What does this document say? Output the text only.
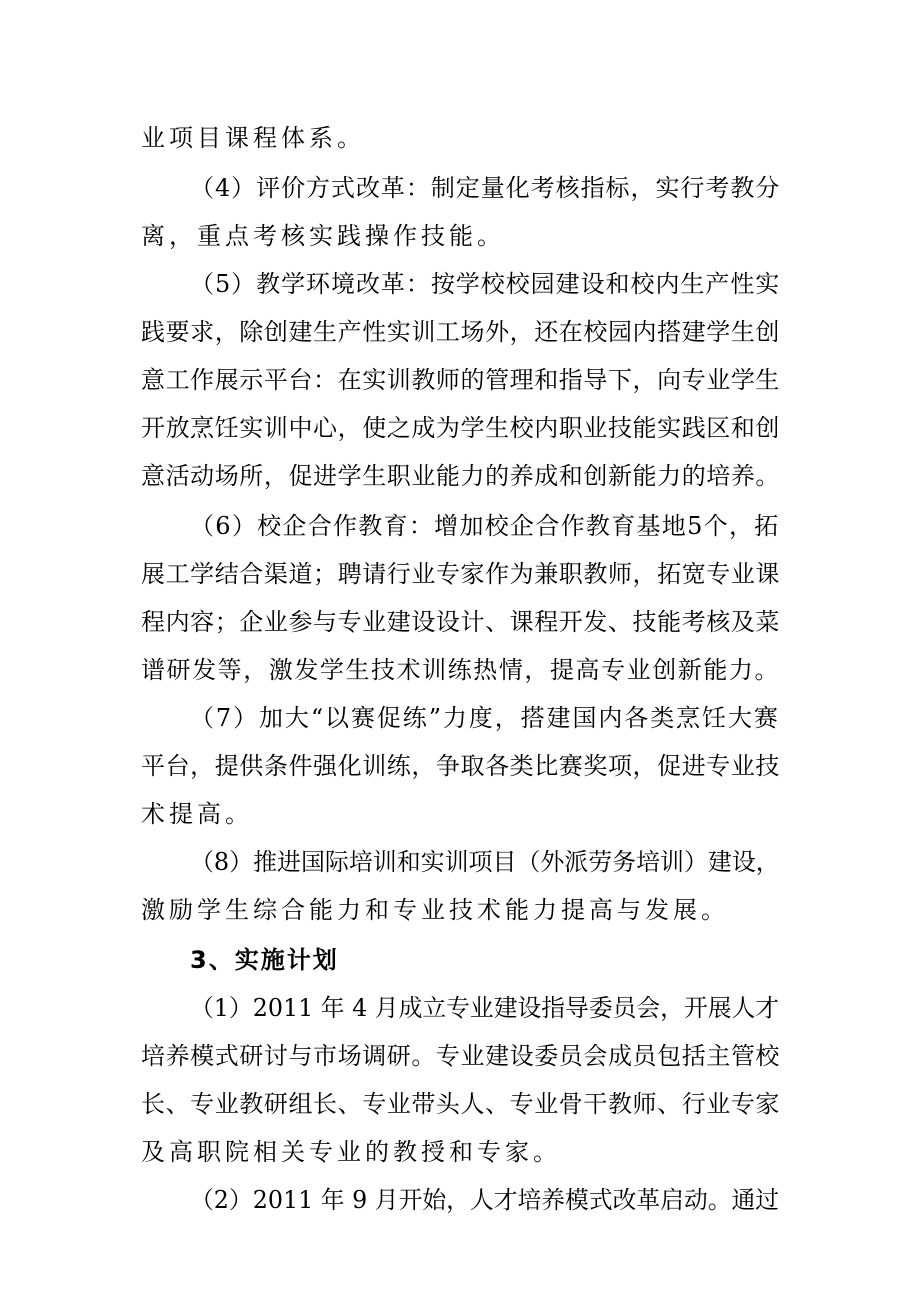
业项目课程体系。
（4）评价方式改革：制定量化考核指标，实行考教分
离，重点考核实践操作技能。
（5）教学环境改革：按学校校园建设和校内生产性实
践要求，除创建生产性实训工场外，还在校园内搭建学生创
意工作展示平台：在实训教师的管理和指导下，向专业学生
开放烹饪实训中心，使之成为学生校内职业技能实践区和创
意活动场所，促进学生职业能力的养成和创新能力的培养。
（6）校企合作教育：增加校企合作教育基地5个，拓
展工学结合渠道；聘请行业专家作为兼职教师，拓宽专业课
程内容；企业参与专业建设设计、课程开发、技能考核及菜
谱研发等，激发学生技术训练热情，提高专业创新能力。
（7）加大“以赛促练”力度，搭建国内各类烹饪大赛
平台，提供条件强化训练，争取各类比赛奖项，促进专业技
术提高。
（8）推进国际培训和实训项目（外派劳务培训）建设，
激励学生综合能力和专业技术能力提高与发展。
3、实施计划
（1）2011 年 4 月成立专业建设指导委员会，开展人才
培养模式研讨与市场调研。专业建设委员会成员包括主管校
长、专业教研组长、专业带头人、专业骨干教师、行业专家
及高职院相关专业的教授和专家。
（2）2011 年 9 月开始，人才培养模式改革启动。通过
